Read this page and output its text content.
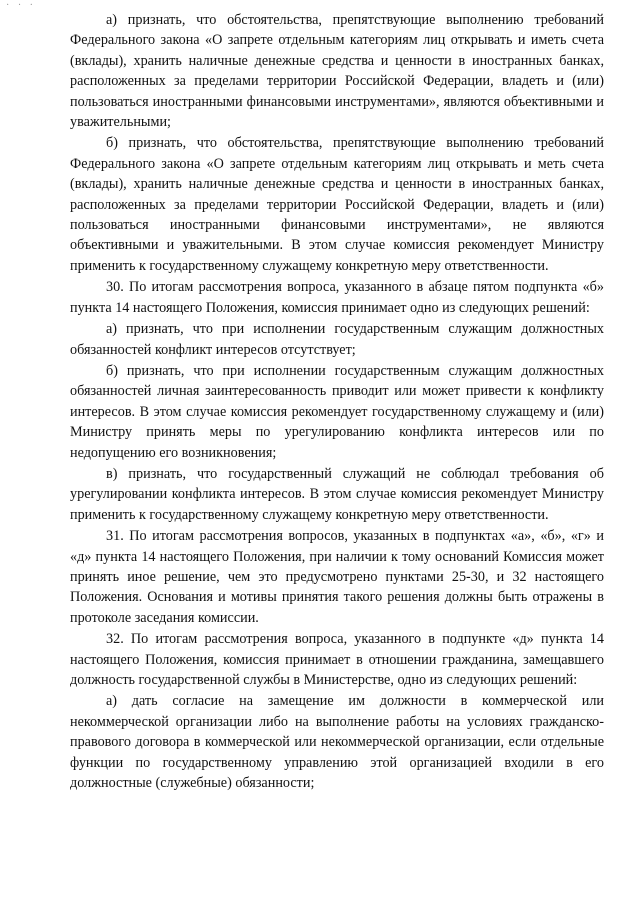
· · ·

а) признать, что обстоятельства, препятствующие выполнению требований Федерального закона «О запрете отдельным категориям лиц открывать и иметь счета (вклады), хранить наличные денежные средства и ценности в иностранных банках, расположенных за пределами территории Российской Федерации, владеть и (или) пользоваться иностранными финансовыми инструментами», являются объективными и уважительными;

б) признать, что обстоятельства, препятствующие выполнению требований Федерального закона «О запрете отдельным категориям лиц открывать и меть счета (вклады), хранить наличные денежные средства и ценности в иностранных банках, расположенных за пределами территории Российской Федерации, владеть и (или) пользоваться иностранными финансовыми инструментами», не являются объективными и уважительными. В этом случае комиссия рекомендует Министру применить к государственному служащему конкретную меру ответственности.

30. По итогам рассмотрения вопроса, указанного в абзаце пятом подпункта «б» пункта 14 настоящего Положения, комиссия принимает одно из следующих решений:

а) признать, что при исполнении государственным служащим должностных обязанностей конфликт интересов отсутствует;

б) признать, что при исполнении государственным служащим должностных обязанностей личная заинтересованность приводит или может привести к конфликту интересов. В этом случае комиссия рекомендует государственному служащему и (или) Министру принять меры по урегулированию конфликта интересов или по недопущению его возникновения;

в) признать, что государственный служащий не соблюдал требования об урегулировании конфликта интересов. В этом случае комиссия рекомендует Министру применить к государственному служащему конкретную меру ответственности.

31. По итогам рассмотрения вопросов, указанных в подпунктах «а», «б», «г» и «д» пункта 14 настоящего Положения, при наличии к тому оснований Комиссия может принять иное решение, чем это предусмотрено пунктами 25-30, и 32 настоящего Положения. Основания и мотивы принятия такого решения должны быть отражены в протоколе заседания комиссии.

32. По итогам рассмотрения вопроса, указанного в подпункте «д» пункта 14 настоящего Положения, комиссия принимает в отношении гражданина, замещавшего должность государственной службы в Министерстве, одно из следующих решений:

а) дать согласие на замещение им должности в коммерческой или некоммерческой организации либо на выполнение работы на условиях гражданско-правового договора в коммерческой или некоммерческой организации, если отдельные функции по государственному управлению этой организацией входили в его должностные (служебные) обязанности;
